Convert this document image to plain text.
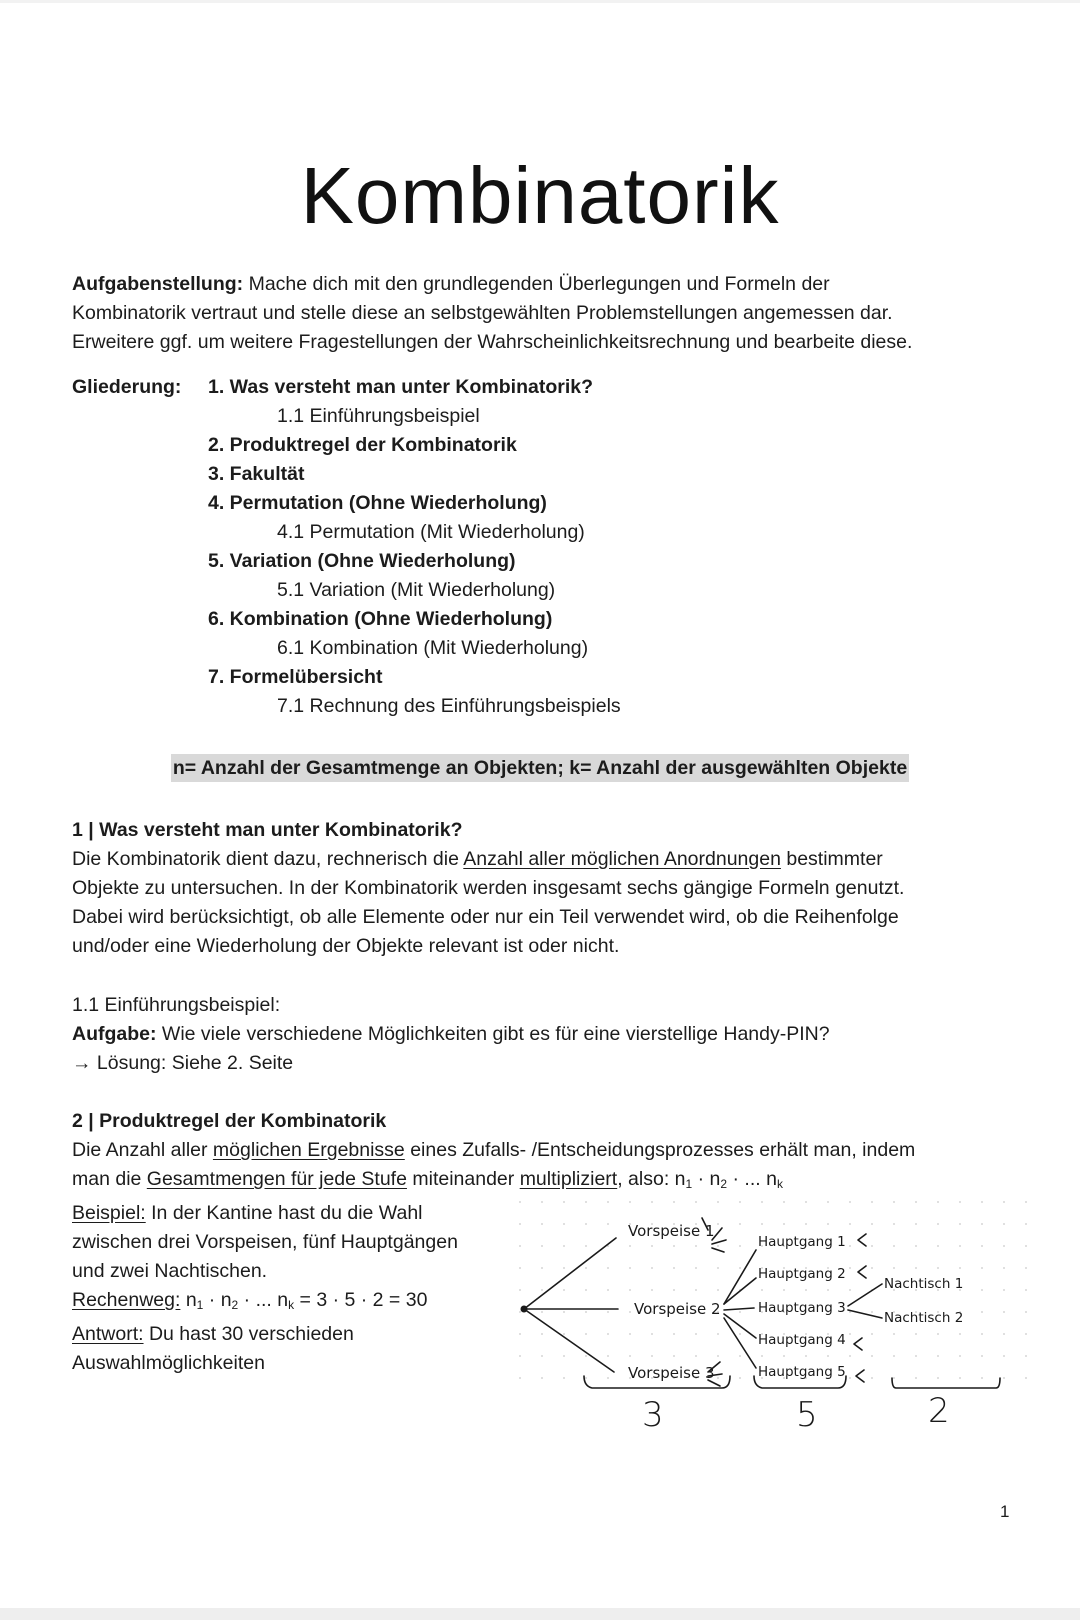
Kombinatorik

Aufgabenstellung: Mache dich mit den grundlegenden Überlegungen und Formeln der

Kombinatorik vertraut und stelle diese an selbstgewählten Problemstellungen angemessen dar.

Erweitere ggf. um weitere Fragestellungen der Wahrscheinlichkeitsrechnung und bearbeite diese.

Gliederung: 1. Was versteht man unter Kombinatorik?
1.1 Einführungsbeispiel
2. Produktregel der Kombinatorik
3. Fakultät
4. Permutation (Ohne Wiederholung)
4.1 Permutation (Mit Wiederholung)
5. Variation (Ohne Wiederholung)
5.1 Variation (Mit Wiederholung)
6. Kombination (Ohne Wiederholung)
6.1 Kombination (Mit Wiederholung)
7. Formelübersicht
7.1 Rechnung des Einführungsbeispiels
n= Anzahl der Gesamtmenge an Objekten; k= Anzahl der ausgewählten Objekte

1 | Was versteht man unter Kombinatorik?

Die Kombinatorik dient dazu, rechnerisch die Anzahl aller möglichen Anordnungen bestimmter

Objekte zu untersuchen. In der Kombinatorik werden insgesamt sechs gängige Formeln genutzt.

Dabei wird berücksichtigt, ob alle Elemente oder nur ein Teil verwendet wird, ob die Reihenfolge

und/oder eine Wiederholung der Objekte relevant ist oder nicht.

1.1 Einführungsbeispiel:

Aufgabe: Wie viele verschiedene Möglichkeiten gibt es für eine vierstellige Handy-PIN?

→ Lösung: Siehe 2. Seite

2 | Produktregel der Kombinatorik

Die Anzahl aller möglichen Ergebnisse eines Zufalls- /Entscheidungsprozesses erhält man, indem

man die Gesamtmengen für jede Stufe miteinander multipliziert, also: n1 · n2 · ... nk

Beispiel: In der Kantine hast du die Wahl

zwischen drei Vorspeisen, fünf Hauptgängen

und zwei Nachtischen.

Rechenweg: n1 · n2 · ... nk = 3 · 5 · 2 = 30

Antwort: Du hast 30 verschieden

Auswahlmöglichkeiten

Vorspeise 1
Vorspeise 2
Vorspeise 3
Hauptgang 1
Hauptgang 2
Hauptgang 3
Hauptgang 4
Hauptgang 5
Nachtisch 1
Nachtisch 2
3	5	2
1
